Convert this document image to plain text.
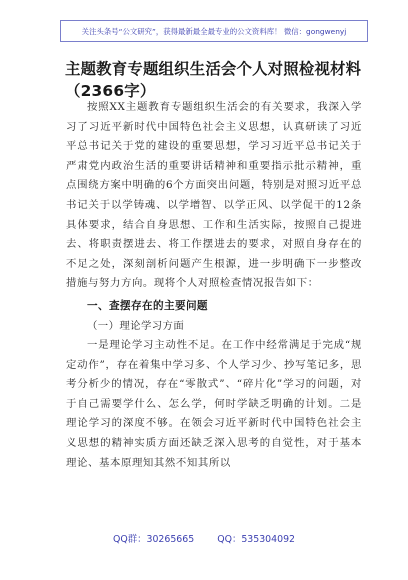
关注头条号“公文研究”，获得最新最全最专业的公文资料库！ 微信：gongwenyj
主题教育专题组织生活会个人对照检视材料（2366字）

按照XX主题教育专题组织生活会的有关要求，我深入学习了习近平新时代中国特色社会主义思想，认真研读了习近平总书记关于党的建设的重要思想，学习习近平总书记关于严肃党内政治生活的重要讲话精神和重要指示批示精神，重点围绕方案中明确的6个方面突出问题，特别是对照习近平总书记关于以学铸魂、以学增智、以学正风、以学促干的12条具体要求，结合自身思想、工作和生活实际，按照自己提进去、将职责摆进去、将工作摆进去的要求，对照自身存在的不足之处，深刻剖析问题产生根源，进一步明确下一步整改措施与努力方向。现将个人对照检查情况报告如下：

一、查摆存在的主要问题

（一）理论学习方面

一是理论学习主动性不足。在工作中经常满足于完成“规定动作”，存在着集中学习多、个人学习少、抄写笔记多，思考分析少的情况，存在“零散式”、“碎片化”学习的问题，对于自己需要学什么、怎么学，何时学缺乏明确的计划。二是理论学习的深度不够。在领会习近平新时代中国特色社会主义思想的精神实质方面还缺乏深入思考的自觉性，对于基本理论、基本原理知其然不知其所以

QQ群：30265665 QQ：535304092
